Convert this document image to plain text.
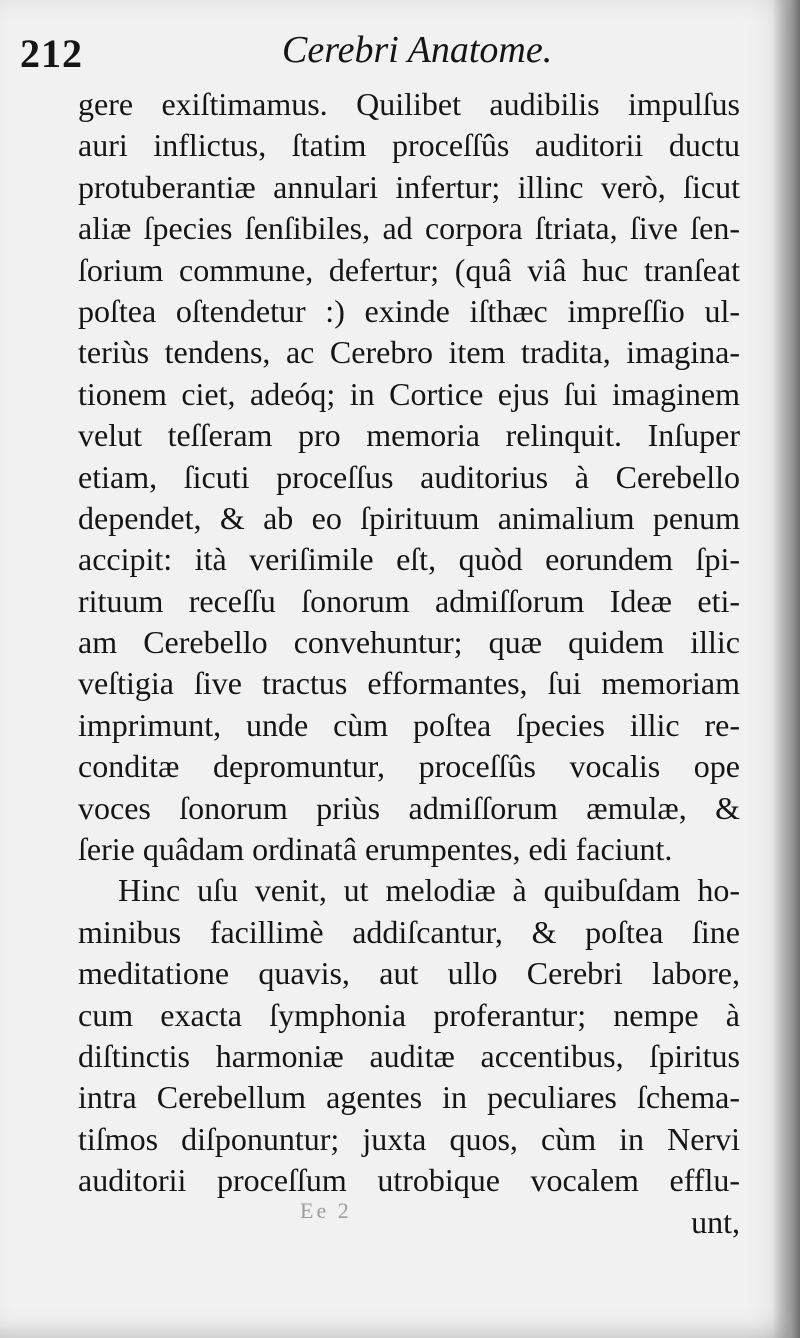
212	Cerebri Anatome.
gere exiſtimamus. Quilibet audibilis impulſus
auri inflictus, ſtatim proceſſûs auditorii ductu
protuberantiæ annulari infertur; illinc verò, ſicut
aliæ ſpecies ſenſibiles, ad corpora ſtriata, ſive ſen-
ſorium commune, defertur; (quâ viâ huc tranſeat
poſtea oſtendetur :) exinde iſthæc impreſſio ul-
teriùs tendens, ac Cerebro item tradita, imagina-
tionem ciet, adeóq; in Cortice ejus ſui imaginem
velut teſſeram pro memoria relinquit. Inſuper
etiam, ſicuti proceſſus auditorius à Cerebello
dependet, & ab eo ſpirituum animalium penum
accipit: ità veriſimile eſt, quòd eorundem ſpi-
rituum receſſu ſonorum admiſſorum Ideæ eti-
am Cerebello convehuntur; quæ quidem illic
veſtigia ſive tractus efformantes, ſui memoriam
imprimunt, unde cùm poſtea ſpecies illic re-
conditæ depromuntur, proceſſûs vocalis ope
voces ſonorum priùs admiſſorum æmulæ, &
ſerie quâdam ordinatâ erumpentes, edi faciunt.
Hinc uſu venit, ut melodiæ à quibuſdam ho-
minibus facillimè addiſcantur, & poſtea ſine
meditatione quavis, aut ullo Cerebri labore,
cum exacta ſymphonia proferantur; nempe à
diſtinctis harmoniæ auditæ accentibus, ſpiritus
intra Cerebellum agentes in peculiares ſchema-
tiſmos diſponuntur; juxta quos, cùm in Nervi
auditorii proceſſum utrobique vocalem efflu-
unt,
Ee 2
